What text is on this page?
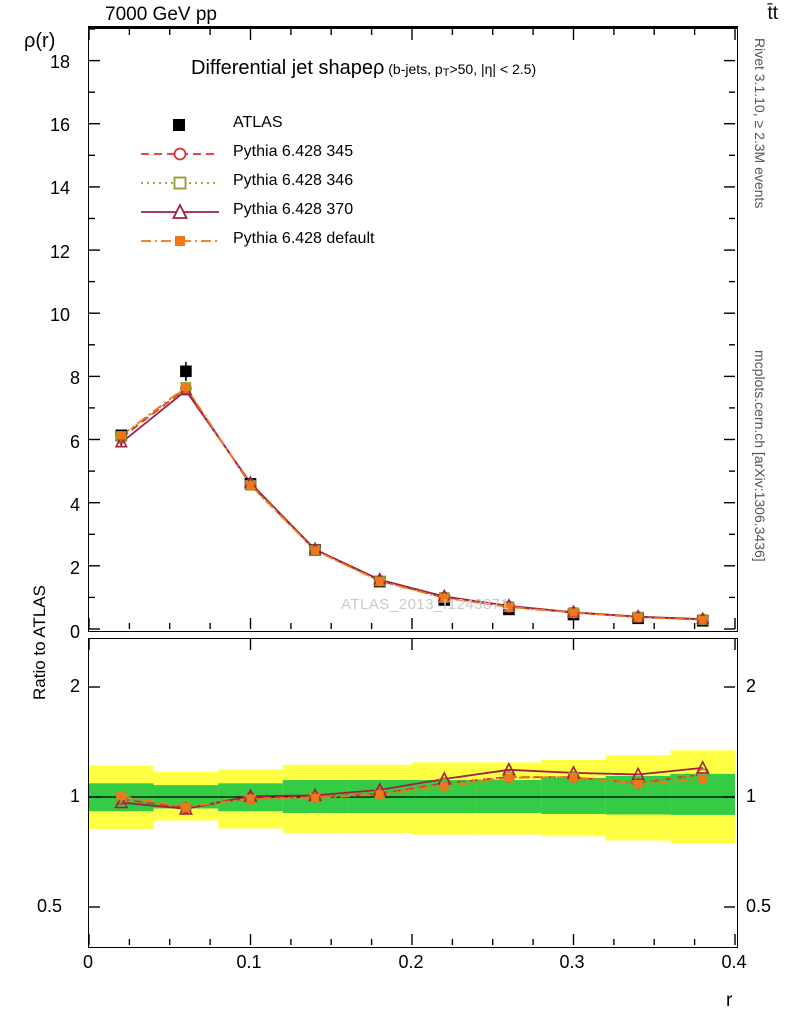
7000 GeV pp	t̄t
Rivet 3.1.10, ≥ 2.3M events
mcplots.cern.ch [arXiv:1306.3436]
ρ(r)
r
Ratio to ATLAS
Differential jet shapeρ (b-jets, pT>50, |η| < 2.5)
ATLAS
Pythia 6.428 345
Pythia 6.428 346
Pythia 6.428 370
Pythia 6.428 default
ATLAS_2013_I1243871
0
2
4
6
8
10
12
14
16
18
2
1
0.5
2
1
0.5
0	0.1	0.2	0.3	0.4
